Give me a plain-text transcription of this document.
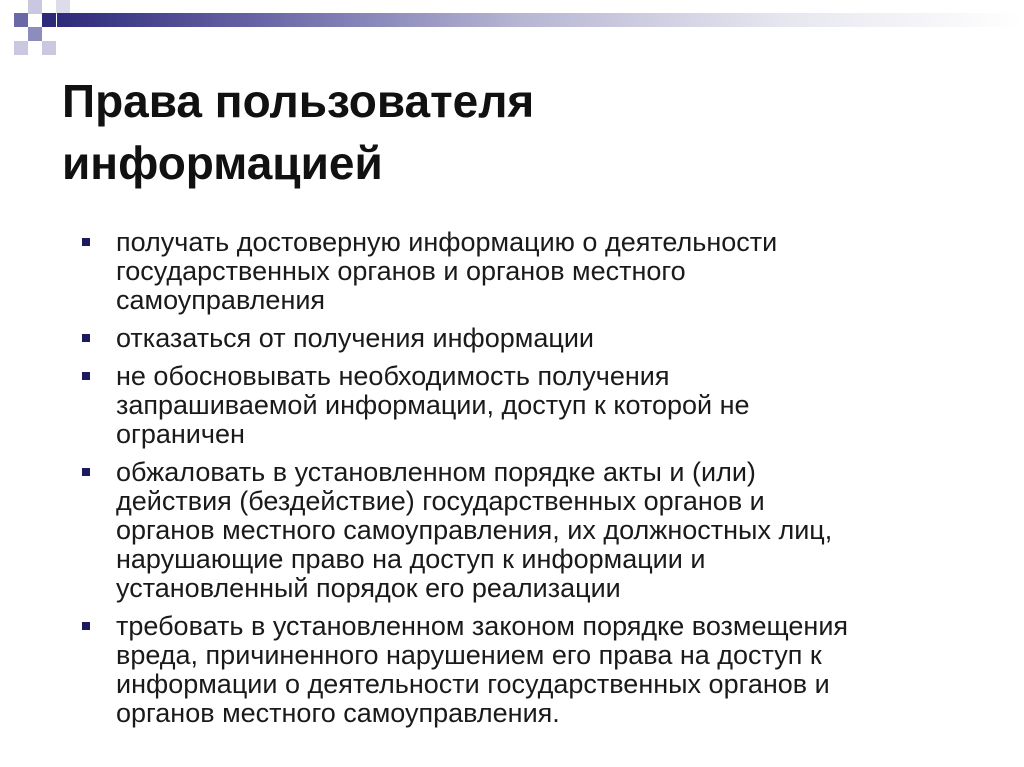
Права пользователя
информацией
получать достоверную информацию о деятельности
государственных органов и органов местного
самоуправления
отказаться от получения информации
не обосновывать необходимость получения
запрашиваемой информации, доступ к которой не
ограничен
обжаловать в установленном порядке акты и (или)
действия (бездействие) государственных органов и
органов местного самоуправления, их должностных лиц,
нарушающие право на доступ к информации и
установленный порядок его реализации
требовать в установленном законом порядке возмещения
вреда, причиненного нарушением его права на доступ к
информации о деятельности государственных органов и
органов местного самоуправления.
